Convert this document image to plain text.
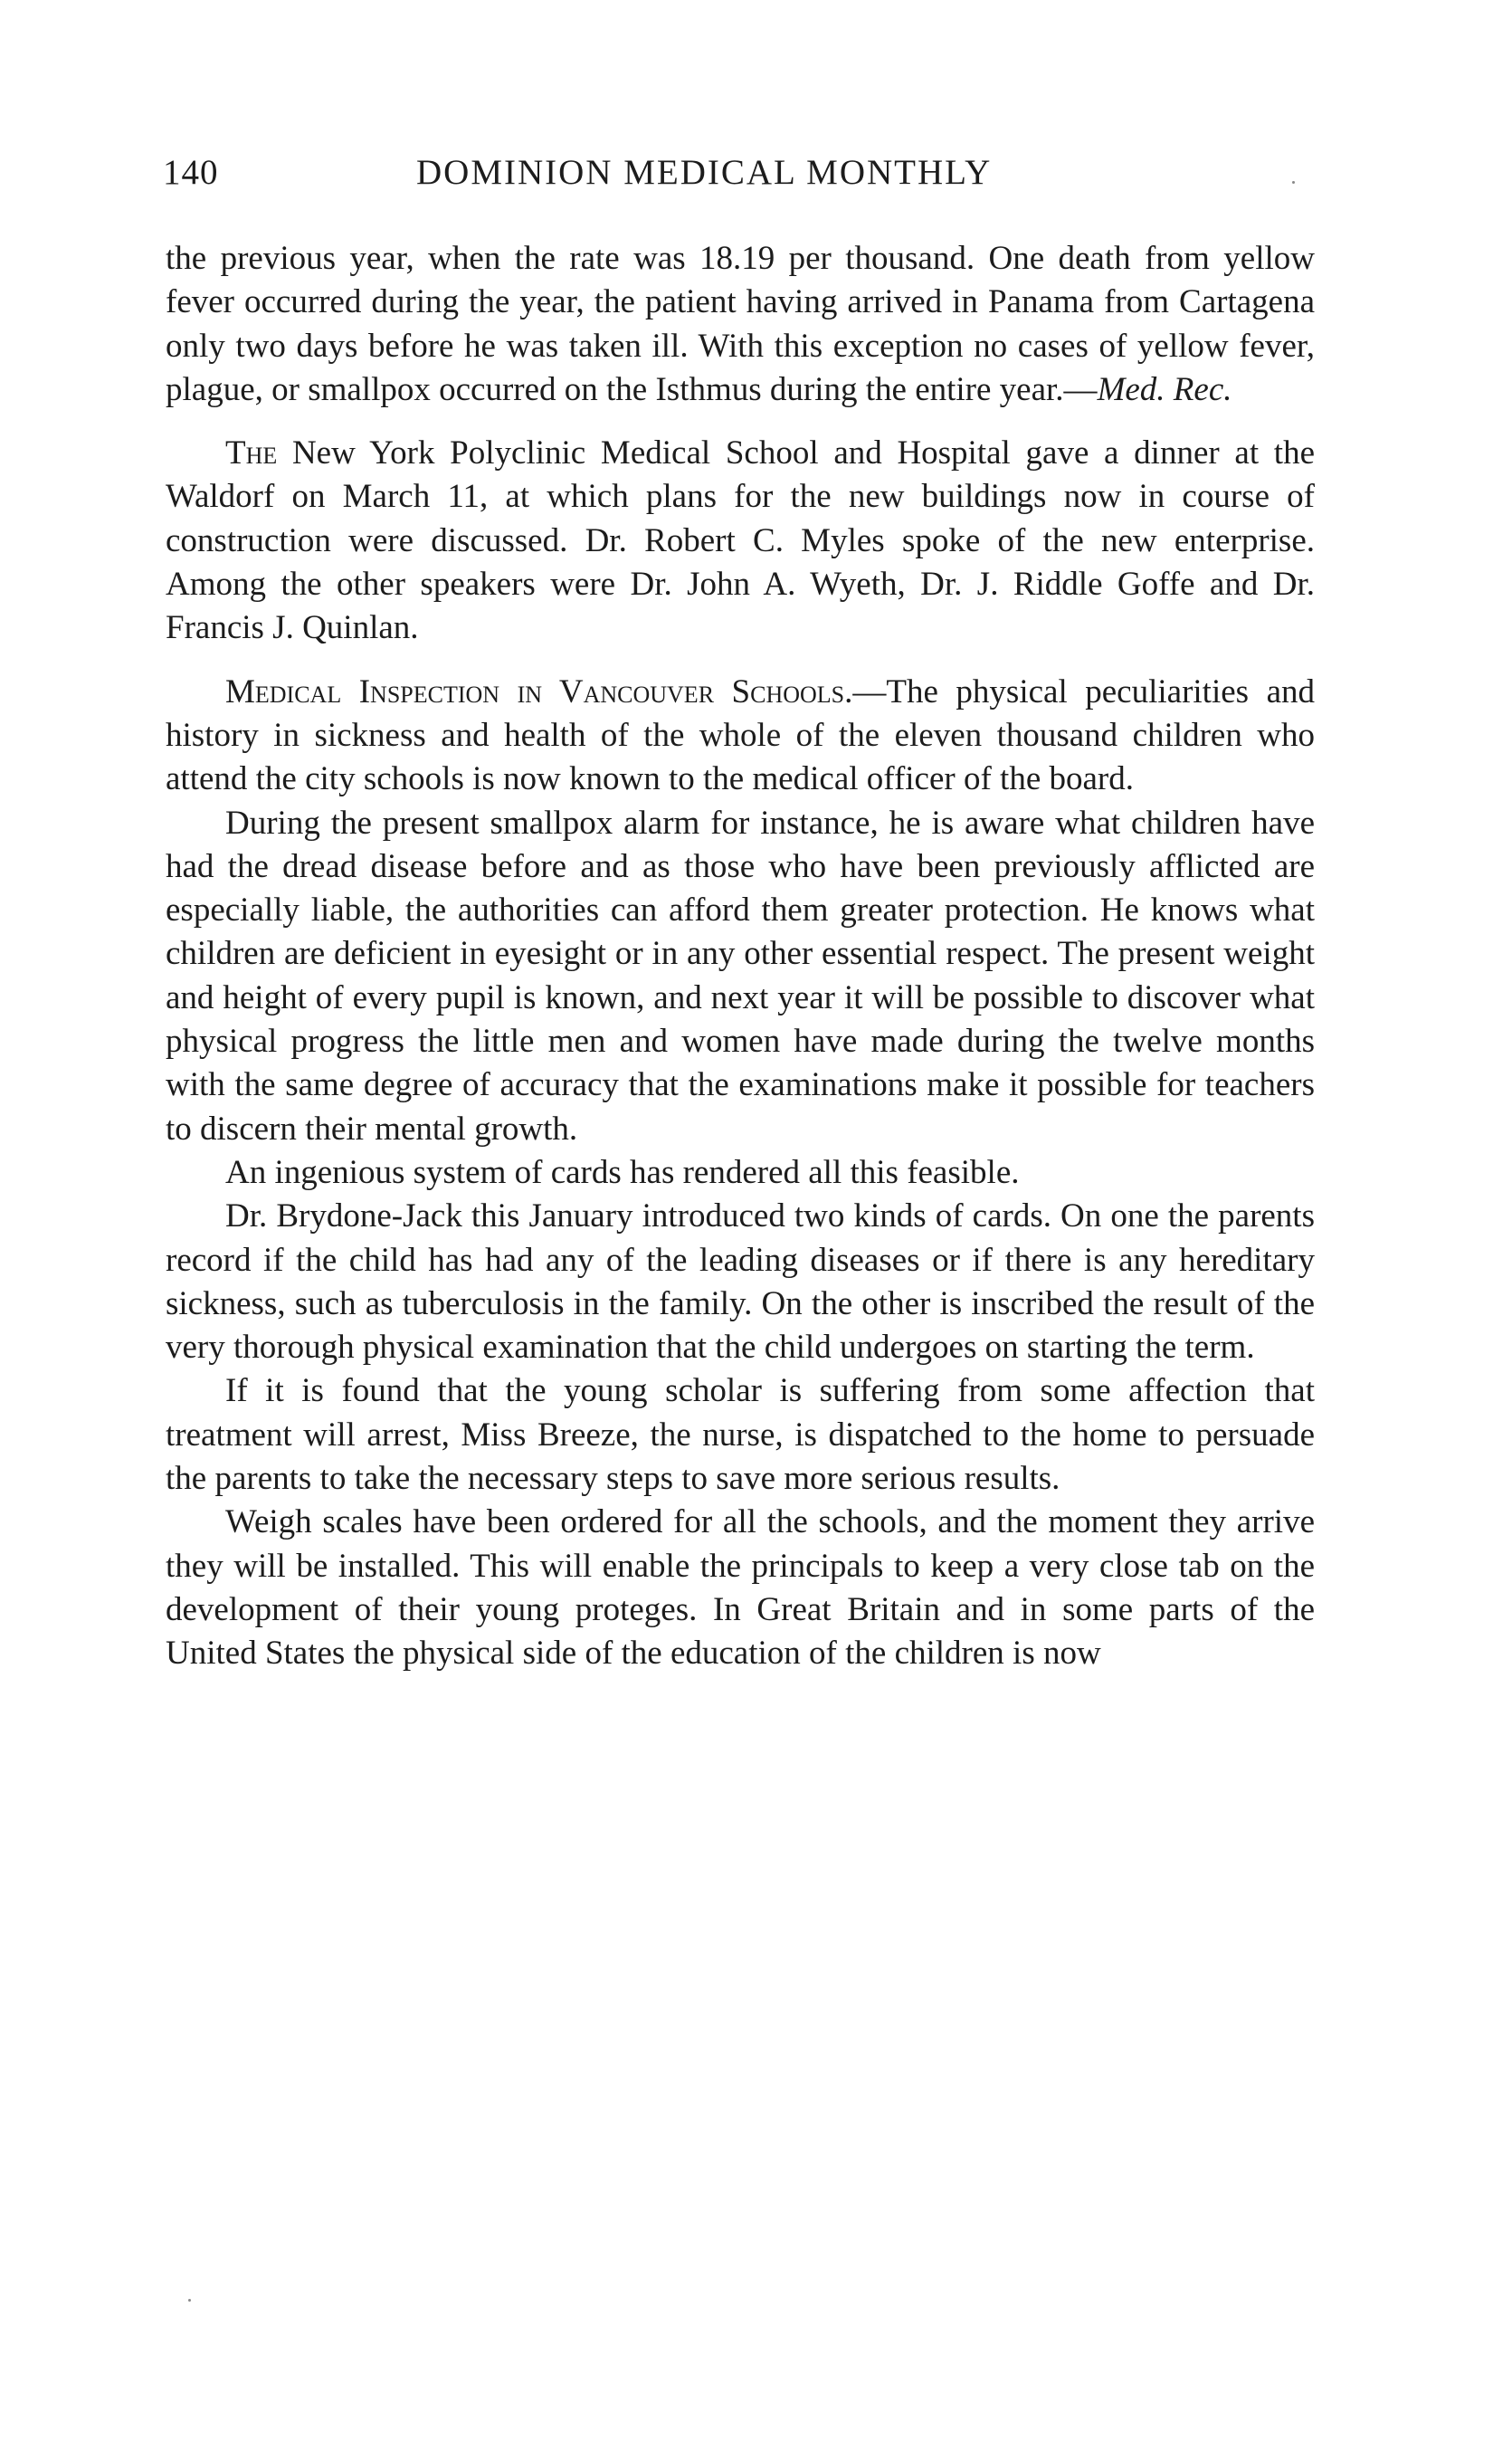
140	DOMINION MEDICAL MONTHLY

the previous year, when the rate was 18.19 per thousand. One death from yellow fever occurred during the year, the patient having arrived in Panama from Cartagena only two days before he was taken ill. With this exception no cases of yellow fever, plague, or smallpox occurred on the Isthmus during the entire year.—Med. Rec.

The New York Polyclinic Medical School and Hospital gave a dinner at the Waldorf on March 11, at which plans for the new buildings now in course of construction were discussed. Dr. Robert C. Myles spoke of the new enterprise. Among the other speakers were Dr. John A. Wyeth, Dr. J. Riddle Goffe and Dr. Francis J. Quinlan.

Medical Inspection in Vancouver Schools.—The physical peculiarities and history in sickness and health of the whole of the eleven thousand children who attend the city schools is now known to the medical officer of the board.

During the present smallpox alarm for instance, he is aware what children have had the dread disease before and as those who have been previously afflicted are especially liable, the authorities can afford them greater protection. He knows what children are deficient in eyesight or in any other essential respect. The present weight and height of every pupil is known, and next year it will be possible to discover what physical progress the little men and women have made during the twelve months with the same degree of accuracy that the examinations make it possible for teachers to discern their mental growth.

An ingenious system of cards has rendered all this feasible.

Dr. Brydone-Jack this January introduced two kinds of cards. On one the parents record if the child has had any of the leading diseases or if there is any hereditary sickness, such as tuberculosis in the family. On the other is inscribed the result of the very thorough physical examination that the child undergoes on starting the term.

If it is found that the young scholar is suffering from some affection that treatment will arrest, Miss Breeze, the nurse, is dispatched to the home to persuade the parents to take the necessary steps to save more serious results.

Weigh scales have been ordered for all the schools, and the moment they arrive they will be installed. This will enable the principals to keep a very close tab on the development of their young proteges. In Great Britain and in some parts of the United States the physical side of the education of the children is now
